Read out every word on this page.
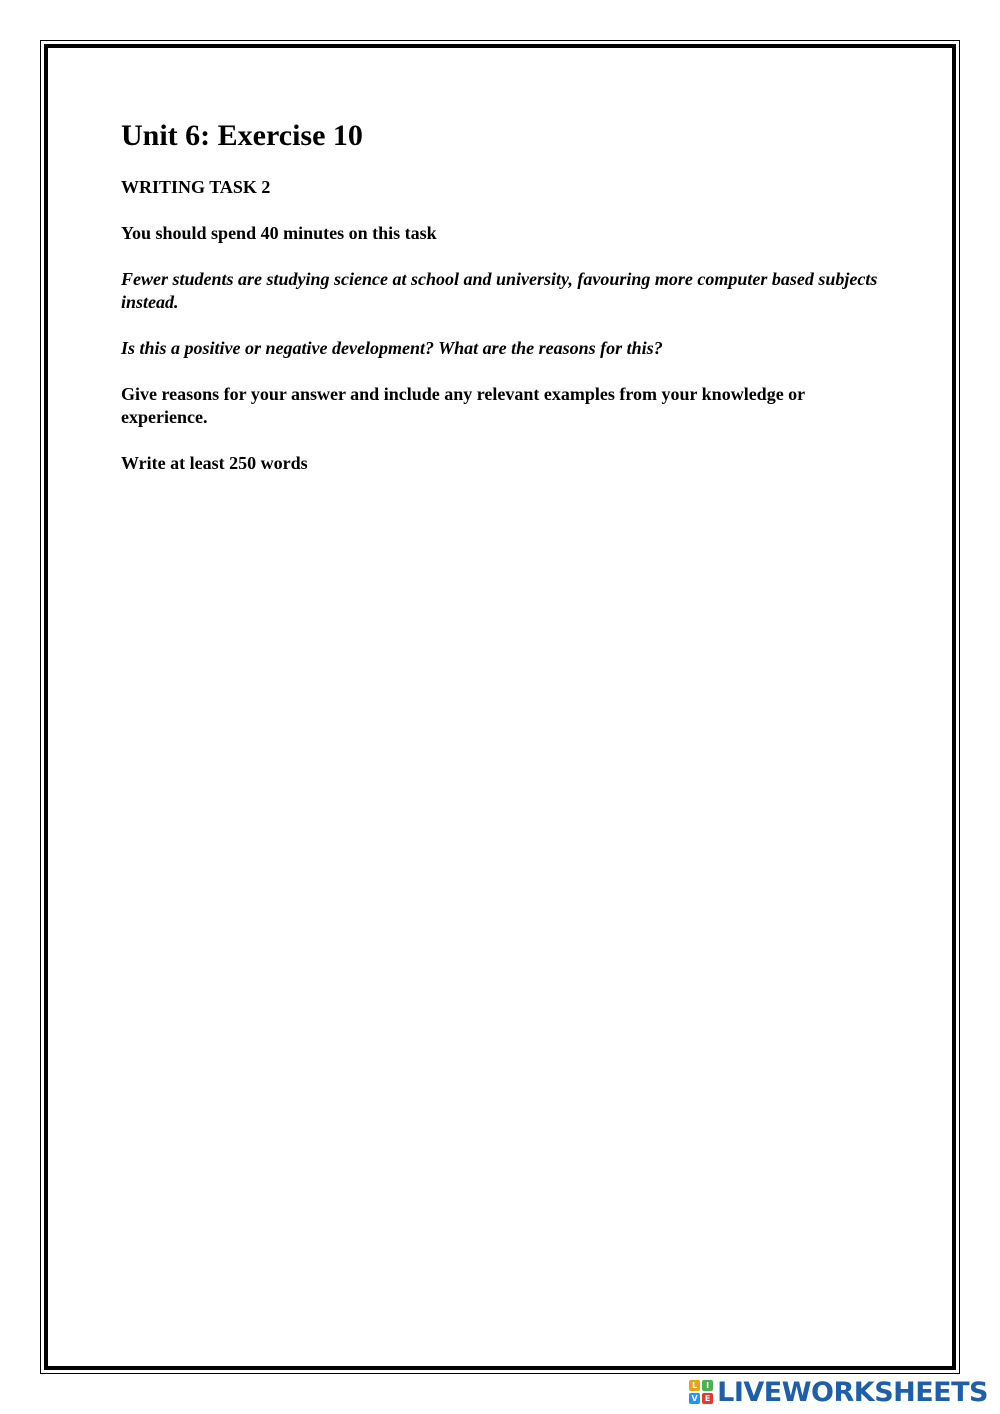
Unit 6: Exercise 10

WRITING TASK 2

You should spend 40 minutes on this task

Fewer students are studying science at school and university, favouring more computer based subjects instead.

Is this a positive or negative development? What are the reasons for this?

Give reasons for your answer and include any relevant examples from your knowledge or experience.

Write at least 250 words

L	I
V E LIVEWORKSHEETS
